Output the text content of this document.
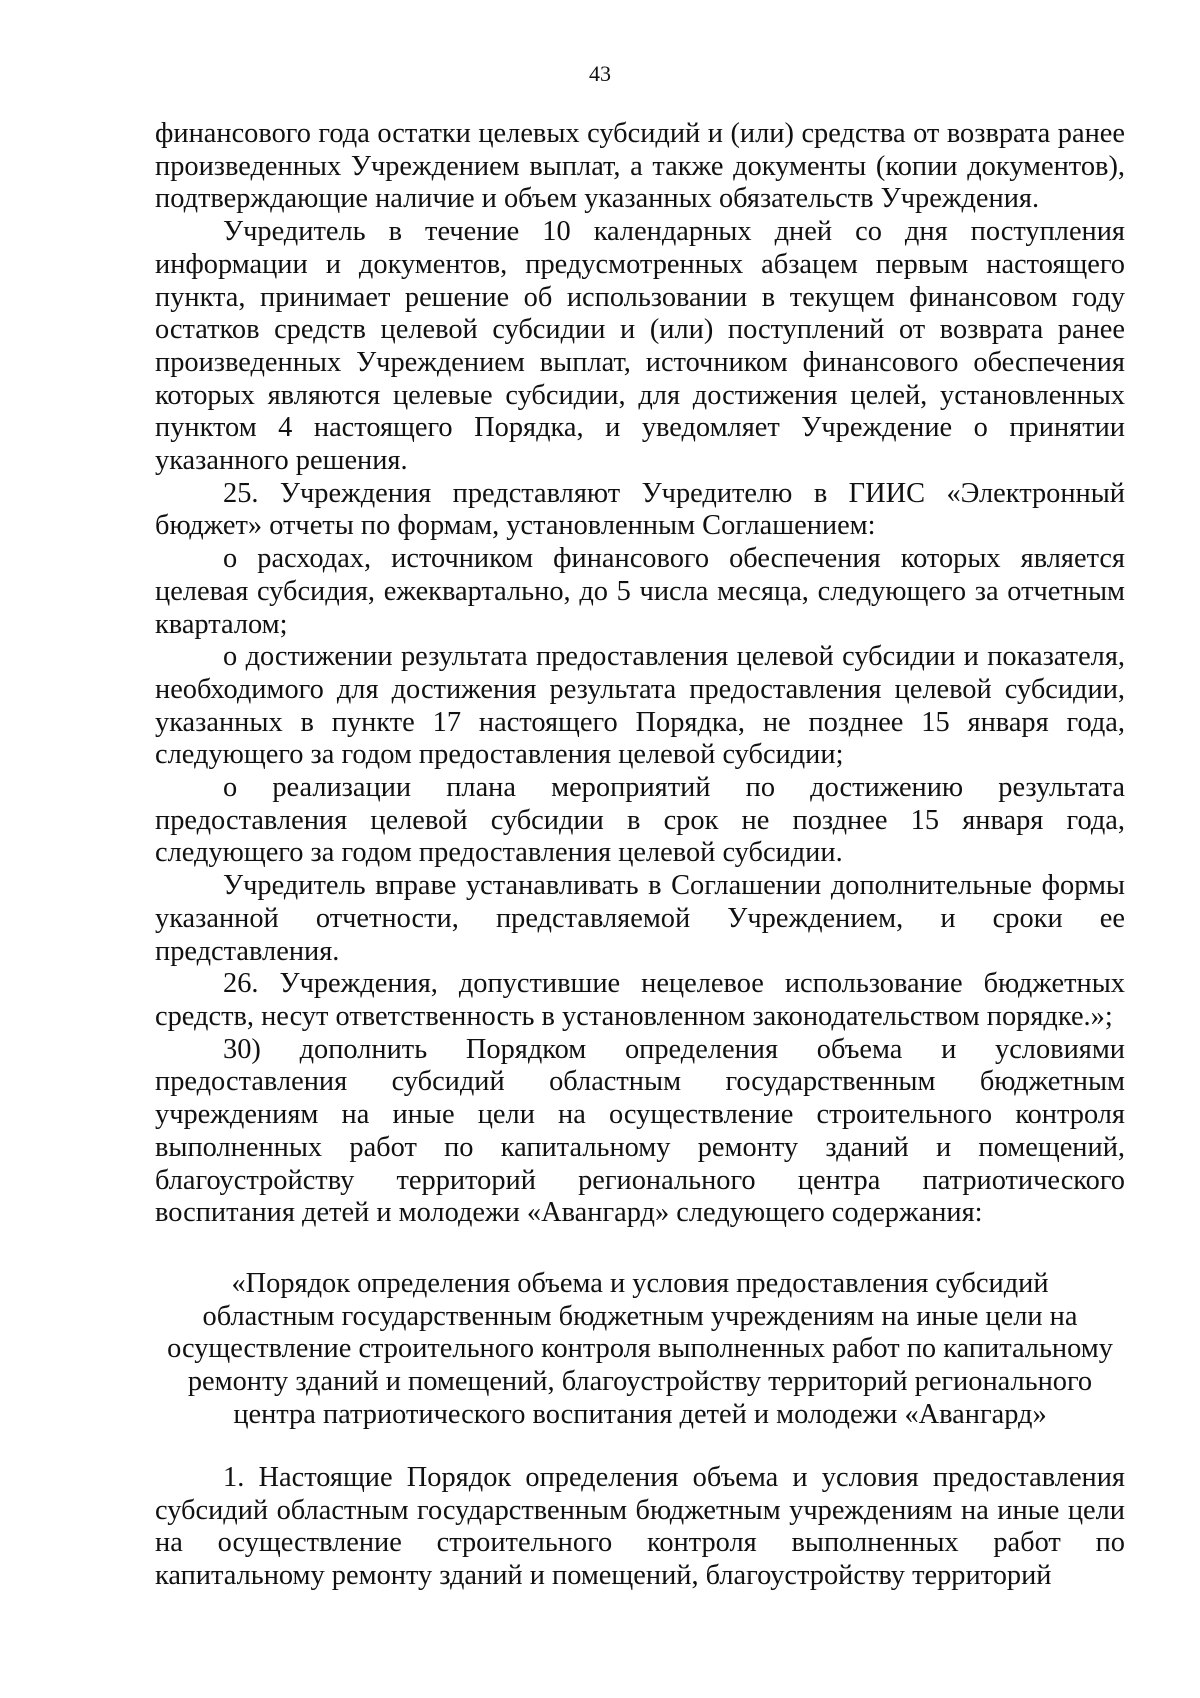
43

финансового года остатки целевых субсидий и (или) средства от возврата ранее произведенных Учреждением выплат, а также документы (копии документов), подтверждающие наличие и объем указанных обязательств Учреждения.

Учредитель в течение 10 календарных дней со дня поступления информации и документов, предусмотренных абзацем первым настоящего пункта, принимает решение об использовании в текущем финансовом году остатков средств целевой субсидии и (или) поступлений от возврата ранее произведенных Учреждением выплат, источником финансового обеспечения которых являются целевые субсидии, для достижения целей, установленных пунктом 4 настоящего Порядка, и уведомляет Учреждение о принятии указанного решения.

25. Учреждения представляют Учредителю в ГИИС «Электронный бюджет» отчеты по формам, установленным Соглашением:

о расходах, источником финансового обеспечения которых является целевая субсидия, ежеквартально, до 5 числа месяца, следующего за отчетным кварталом;

о достижении результата предоставления целевой субсидии и показателя, необходимого для достижения результата предоставления целевой субсидии, указанных в пункте 17 настоящего Порядка, не позднее 15 января года, следующего за годом предоставления целевой субсидии;

о реализации плана мероприятий по достижению результата предоставления целевой субсидии в срок не позднее 15 января года, следующего за годом предоставления целевой субсидии.

Учредитель вправе устанавливать в Соглашении дополнительные формы указанной отчетности, представляемой Учреждением, и сроки ее представления.

26. Учреждения, допустившие нецелевое использование бюджетных средств, несут ответственность в установленном законодательством порядке.»;

30) дополнить Порядком определения объема и условиями предоставления субсидий областным государственным бюджетным учреждениям на иные цели на осуществление строительного контроля выполненных работ по капитальному ремонту зданий и помещений, благоустройству территорий регионального центра патриотического воспитания детей и молодежи «Авангард» следующего содержания:

«Порядок определения объема и условия предоставления субсидий
областным государственным бюджетным учреждениям на иные цели на
осуществление строительного контроля выполненных работ по капитальному
ремонту зданий и помещений, благоустройству территорий регионального
центра патриотического воспитания детей и молодежи «Авангард»

1. Настоящие Порядок определения объема и условия предоставления субсидий областным государственным бюджетным учреждениям на иные цели на осуществление строительного контроля выполненных работ по капитальному ремонту зданий и помещений, благоустройству территорий
